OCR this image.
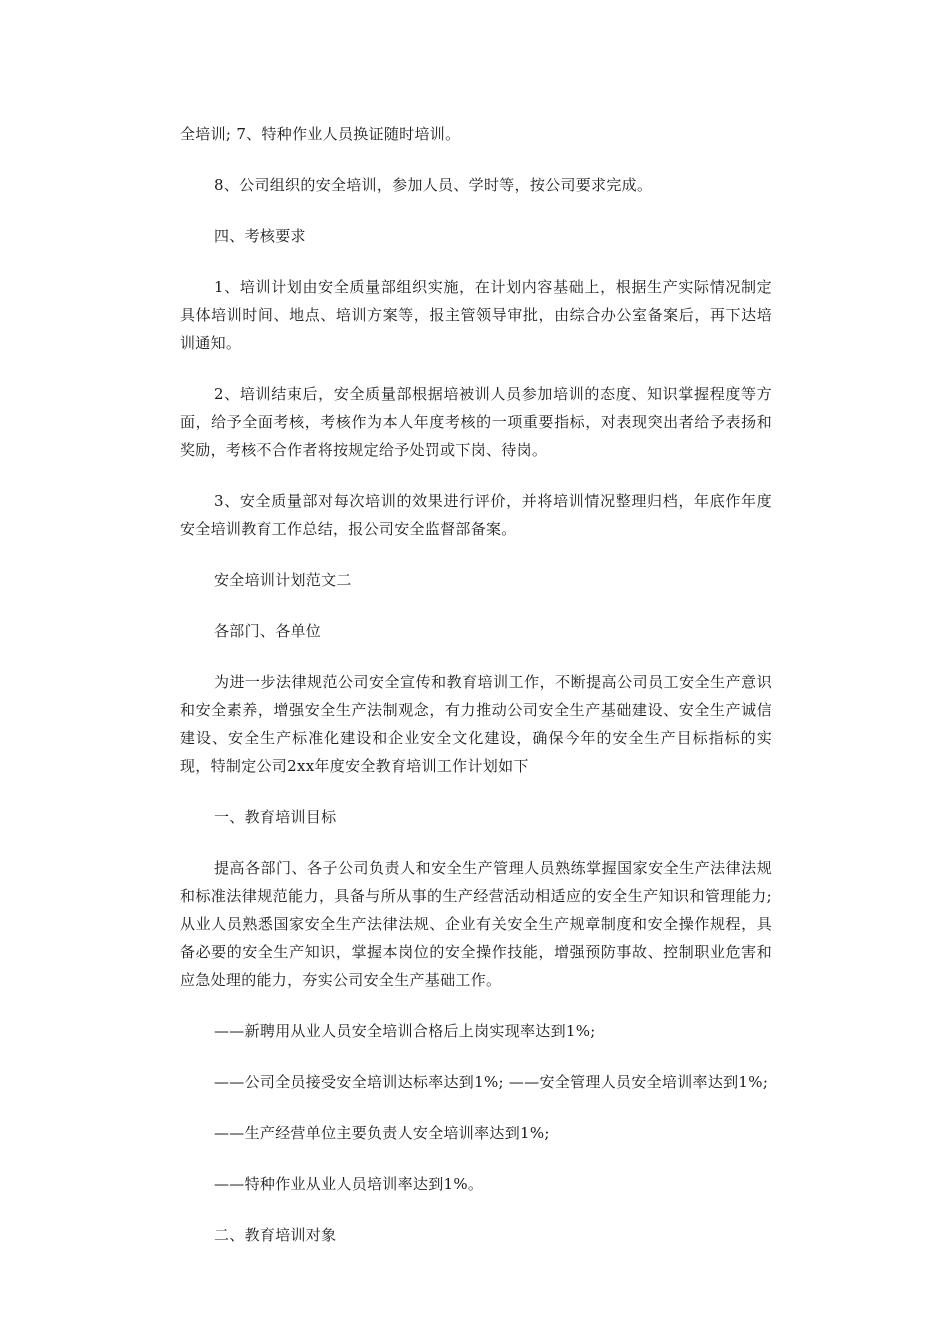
全培训; 7、特种作业人员换证随时培训。

8、公司组织的安全培训，参加人员、学时等，按公司要求完成。

四、考核要求

1、培训计划由安全质量部组织实施，在计划内容基础上，根据生产实际情况制定具体培训时间、地点、培训方案等，报主管领导审批，由综合办公室备案后，再下达培训通知。

2、培训结束后，安全质量部根据培被训人员参加培训的态度、知识掌握程度等方面，给予全面考核，考核作为本人年度考核的一项重要指标，对表现突出者给予表扬和奖励，考核不合作者将按规定给予处罚或下岗、待岗。

3、安全质量部对每次培训的效果进行评价，并将培训情况整理归档，年底作年度安全培训教育工作总结，报公司安全监督部备案。

安全培训计划范文二

各部门、各单位

为进一步法律规范公司安全宣传和教育培训工作，不断提高公司员工安全生产意识和安全素养，增强安全生产法制观念，有力推动公司安全生产基础建设、安全生产诚信建设、安全生产标准化建设和企业安全文化建设，确保今年的安全生产目标指标的实现，特制定公司2xx年度安全教育培训工作计划如下

一、教育培训目标

提高各部门、各子公司负责人和安全生产管理人员熟练掌握国家安全生产法律法规和标准法律规范能力，具备与所从事的生产经营活动相适应的安全生产知识和管理能力;从业人员熟悉国家安全生产法律法规、企业有关安全生产规章制度和安全操作规程，具备必要的安全生产知识，掌握本岗位的安全操作技能，增强预防事故、控制职业危害和应急处理的能力，夯实公司安全生产基础工作。

——新聘用从业人员安全培训合格后上岗实现率达到1%;

——公司全员接受安全培训达标率达到1%; ——安全管理人员安全培训率达到1%;

——生产经营单位主要负责人安全培训率达到1%;

——特种作业从业人员培训率达到1%。

二、教育培训对象
